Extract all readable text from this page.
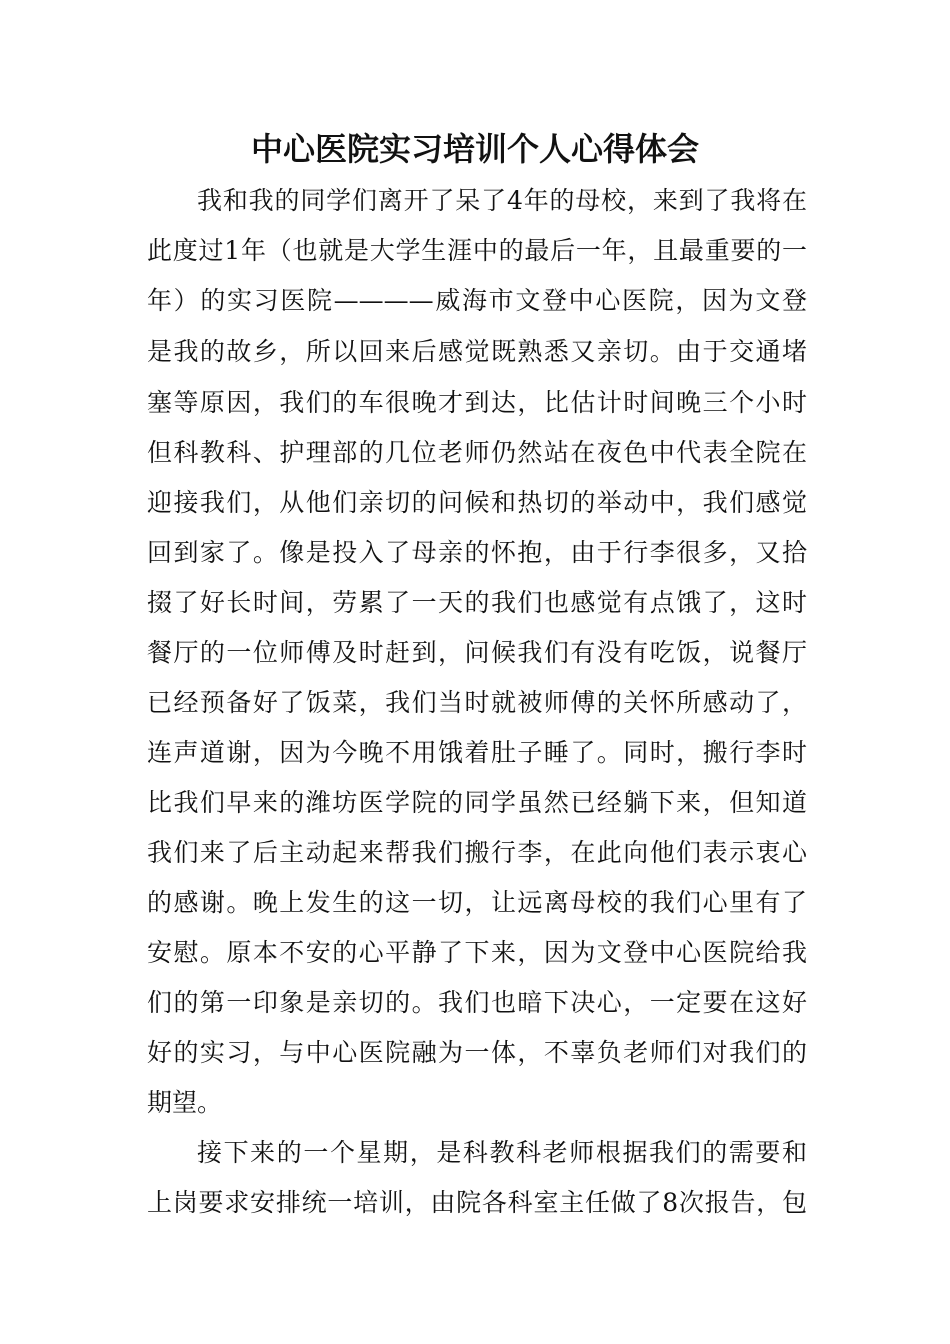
中心医院实习培训个人心得体会

我和我的同学们离开了呆了4年的母校，来到了我将在

此度过1年（也就是大学生涯中的最后一年，且最重要的一

年）的实习医院————威海市文登中心医院，因为文登

是我的故乡，所以回来后感觉既熟悉又亲切。由于交通堵

塞等原因，我们的车很晚才到达，比估计时间晚三个小时

但科教科、护理部的几位老师仍然站在夜色中代表全院在

迎接我们，从他们亲切的问候和热切的举动中，我们感觉

回到家了。像是投入了母亲的怀抱，由于行李很多，又拾

掇了好长时间，劳累了一天的我们也感觉有点饿了，这时

餐厅的一位师傅及时赶到，问候我们有没有吃饭，说餐厅

已经预备好了饭菜，我们当时就被师傅的关怀所感动了，

连声道谢，因为今晚不用饿着肚子睡了。同时，搬行李时

比我们早来的潍坊医学院的同学虽然已经躺下来，但知道

我们来了后主动起来帮我们搬行李，在此向他们表示衷心

的感谢。晚上发生的这一切，让远离母校的我们心里有了

安慰。原本不安的心平静了下来，因为文登中心医院给我

们的第一印象是亲切的。我们也暗下决心，一定要在这好

好的实习，与中心医院融为一体，不辜负老师们对我们的

期望。

接下来的一个星期，是科教科老师根据我们的需要和

上岗要求安排统一培训，由院各科室主任做了8次报告，包
